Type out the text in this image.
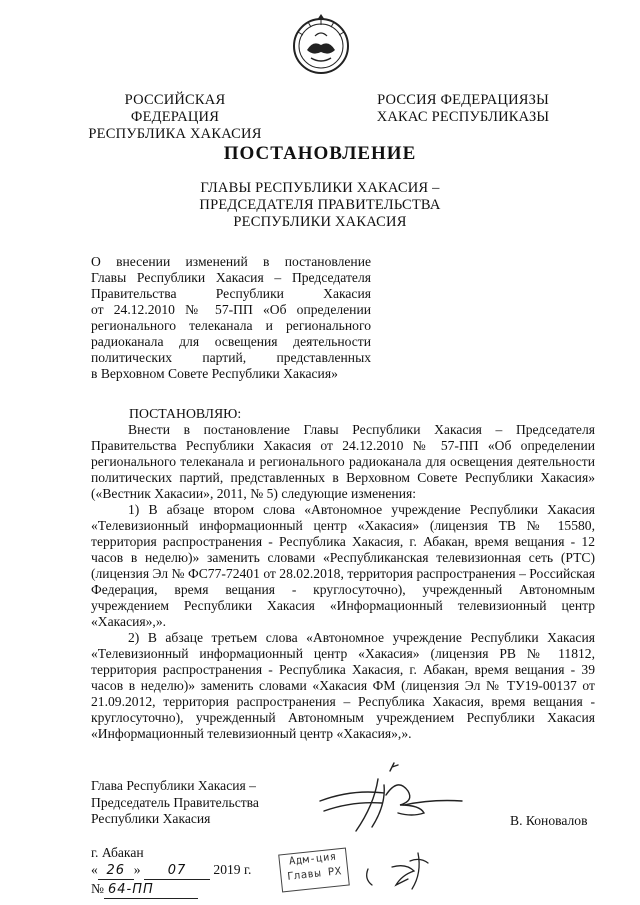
РОССИЙСКАЯ ФЕДЕРАЦИЯ
РЕСПУБЛИКА ХАКАСИЯ
РОССИЯ ФЕДЕРАЦИЯЗЫ
ХАКАС РЕСПУБЛИКАЗЫ
ПОСТАНОВЛЕНИЕ
ГЛАВЫ РЕСПУБЛИКИ ХАКАСИЯ –
ПРЕДСЕДАТЕЛЯ ПРАВИТЕЛЬСТВА
РЕСПУБЛИКИ ХАКАСИЯ
О внесении изменений в постановление
Главы Республики Хакасия – Председателя
Правительства Республики Хакасия
от 24.12.2010 № 57-ПП «Об определении
регионального телеканала и регионального
радиоканала для освещения деятельности
политических партий, представленных
в Верховном Совете Республики Хакасия»
ПОСТАНОВЛЯЮ:

Внести в постановление Главы Республики Хакасия – Председателя Правительства Республики Хакасия от 24.12.2010 № 57-ПП «Об определении регионального телеканала и регионального радиоканала для освещения деятельности политических партий, представленных в Верховном Совете Республики Хакасия» («Вестник Хакасии», 2011, № 5) следующие изменения:

1) В абзаце втором слова «Автономное учреждение Республики Хакасия «Телевизионный информационный центр «Хакасия» (лицензия ТВ № 15580, территория распространения - Республика Хакасия, г. Абакан, время вещания - 12 часов в неделю)» заменить словами «Республиканская телевизионная сеть (РТС) (лицензия Эл № ФС77-72401 от 28.02.2018, территория распространения – Российская Федерация, время вещания - круглосуточно), учрежденный Автономным учреждением Республики Хакасия «Информационный телевизионный центр «Хакасия»,».

2) В абзаце третьем слова «Автономное учреждение Республики Хакасия «Телевизионный информационный центр «Хакасия» (лицензия РВ № 11812, территория распространения - Республика Хакасия, г. Абакан, время вещания - 39 часов в неделю)» заменить словами «Хакасия ФМ (лицензия Эл № ТУ19-00137 от 21.09.2012, территория распространения – Республика Хакасия, время вещания - круглосуточно), учрежденный Автономным учреждением Республики Хакасия «Информационный телевизионный центр «Хакасия»,».

Глава Республики Хакасия –
Председатель Правительства
Республики Хакасия	В. Коновалов
г. Абакан
« 26 » 07 2019 г.
№ 64-ПП
Адм-ция
Главы РХ
